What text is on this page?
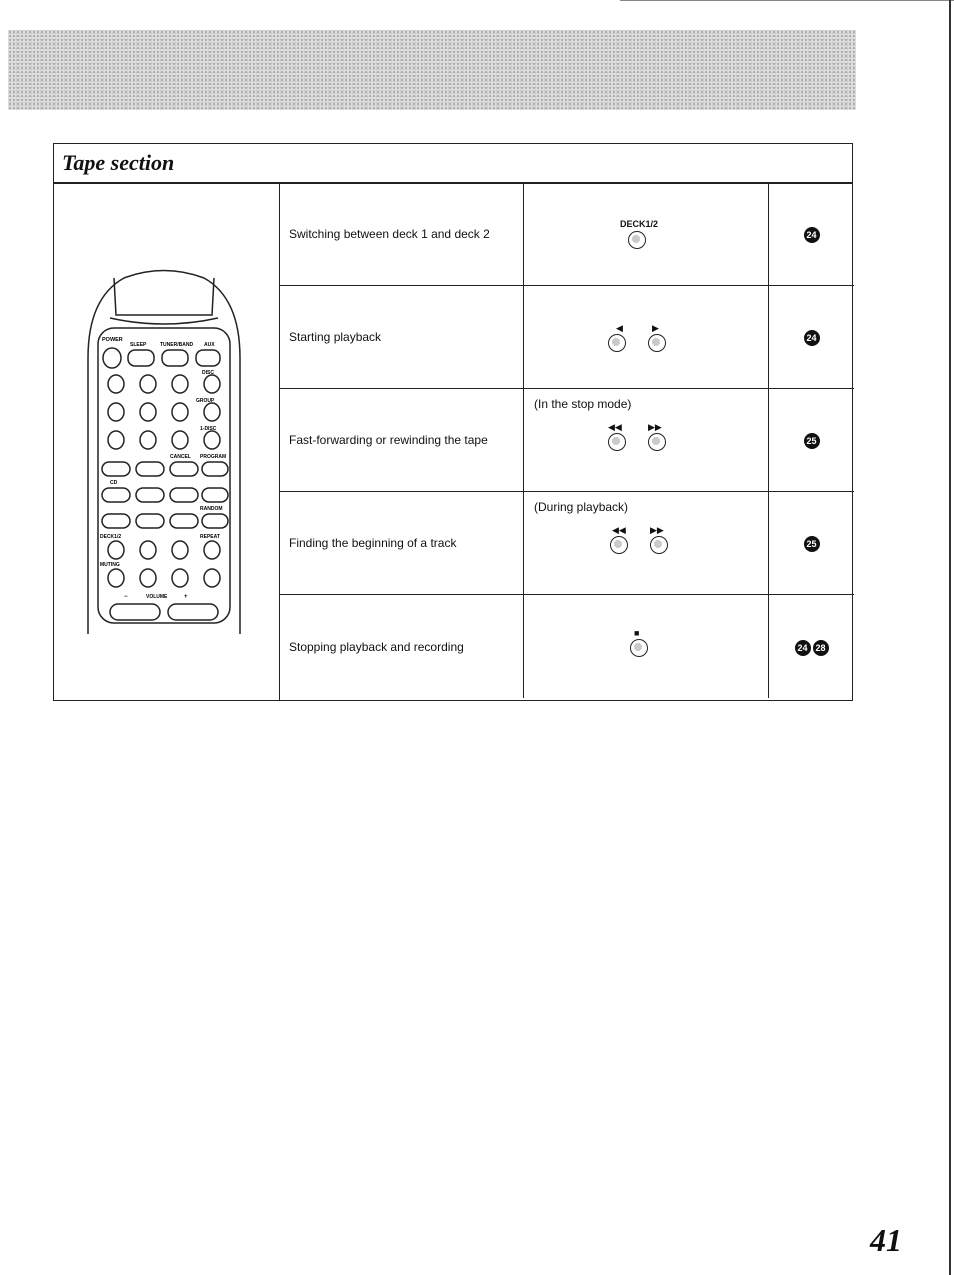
Tape section
POWER
SLEEP	TUNER/BAND AUX
DISC
GROUP
1-DISC
CANCEL PROGRAM
CD
RANDOM
DECK1/2	REPEAT
MUTING
−	VOLUME	+
Switching between deck 1 and deck 2
DECK1/2
24
Starting playback
◀	▶
24
Fast-forwarding or rewinding the tape
(In the stop mode)
◀◀	▶▶
25
Finding the beginning of a track
(During playback)
◀◀	▶▶
25
Stopping playback and recording
■
24 28
41
